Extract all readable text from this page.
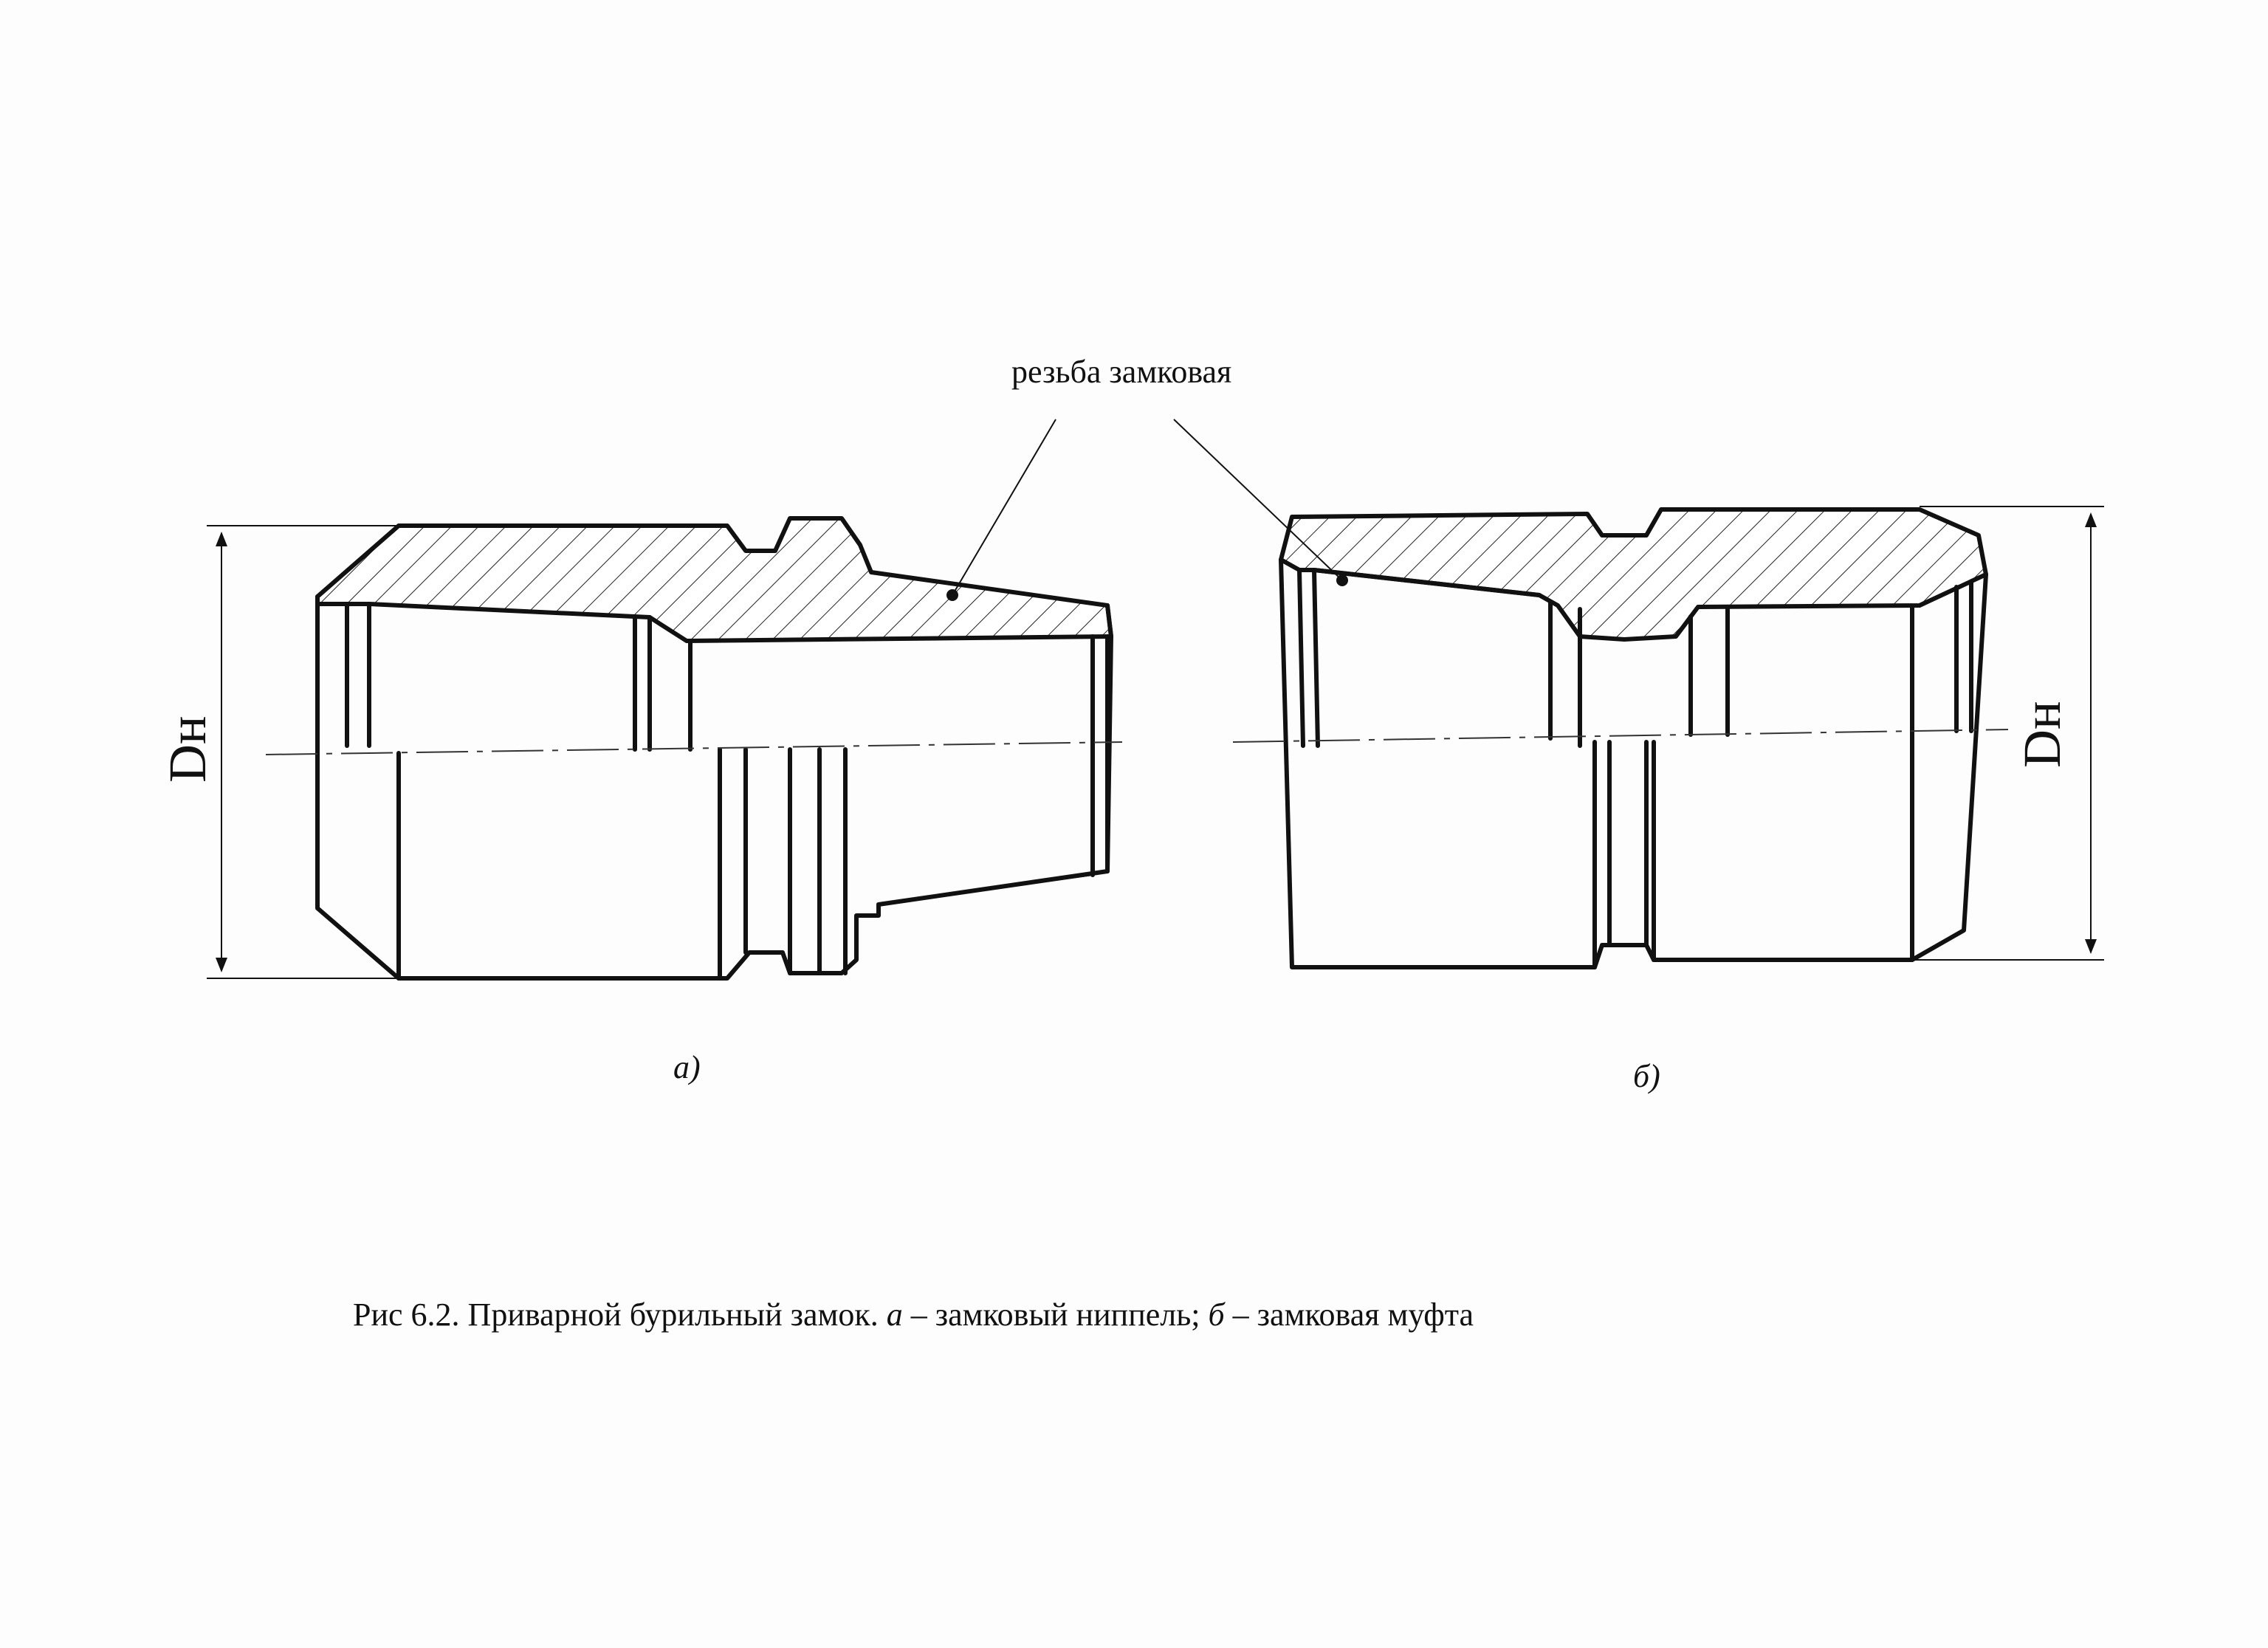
резьба замковая
Dн	Dн
а)	б)
Рис 6.2. Приварной бурильный замок. а – замковый ниппель; б – замковая муфта
